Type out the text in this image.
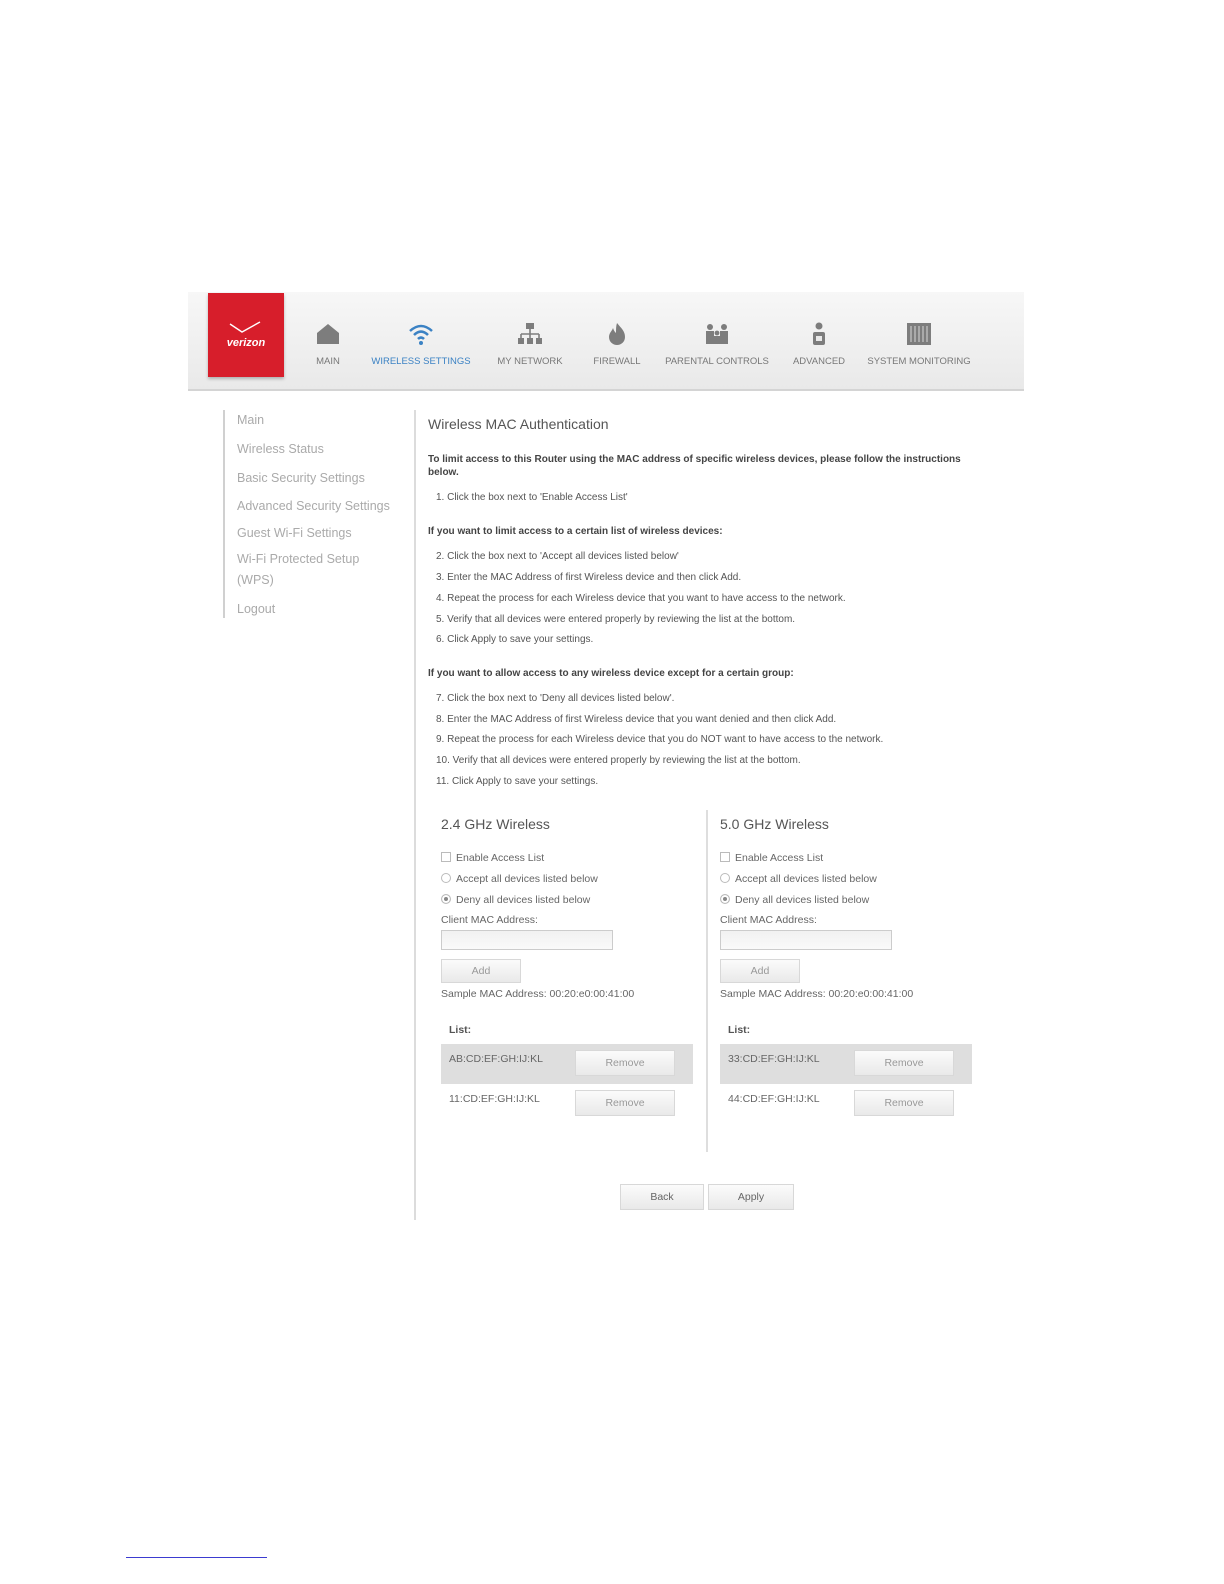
verizon
MAIN	WIRELESS SETTINGS	MY NETWORK	FIREWALL	PARENTAL CONTROLS	ADVANCED	SYSTEM MONITORING
Main
Wireless Status
Basic Security Settings
Advanced Security Settings
Guest Wi-Fi Settings
Wi-Fi Protected Setup
(WPS)
Logout
Wireless MAC Authentication
To limit access to this Router using the MAC address of specific wireless devices, please follow the instructions below.
1. Click the box next to 'Enable Access List'
If you want to limit access to a certain list of wireless devices:
2. Click the box next to 'Accept all devices listed below'
3. Enter the MAC Address of first Wireless device and then click Add.
4. Repeat the process for each Wireless device that you want to have access to the network.
5. Verify that all devices were entered properly by reviewing the list at the bottom.
6. Click Apply to save your settings.
If you want to allow access to any wireless device except for a certain group:
7. Click the box next to 'Deny all devices listed below'.
8. Enter the MAC Address of first Wireless device that you want denied and then click Add.
9. Repeat the process for each Wireless device that you do NOT want to have access to the network.
10. Verify that all devices were entered properly by reviewing the list at the bottom.
11. Click Apply to save your settings.
2.4 GHz Wireless
Enable Access List
Accept all devices listed below
Deny all devices listed below
Client MAC Address:
Add
Sample MAC Address: 00:20:e0:00:41:00
List:
AB:CD:EF:GH:IJ:KL	Remove
11:CD:EF:GH:IJ:KL	Remove
5.0 GHz Wireless
Enable Access List
Accept all devices listed below
Deny all devices listed below
Client MAC Address:
Add
Sample MAC Address: 00:20:e0:00:41:00
List:
33:CD:EF:GH:IJ:KL	Remove
44:CD:EF:GH:IJ:KL	Remove
Back	Apply
